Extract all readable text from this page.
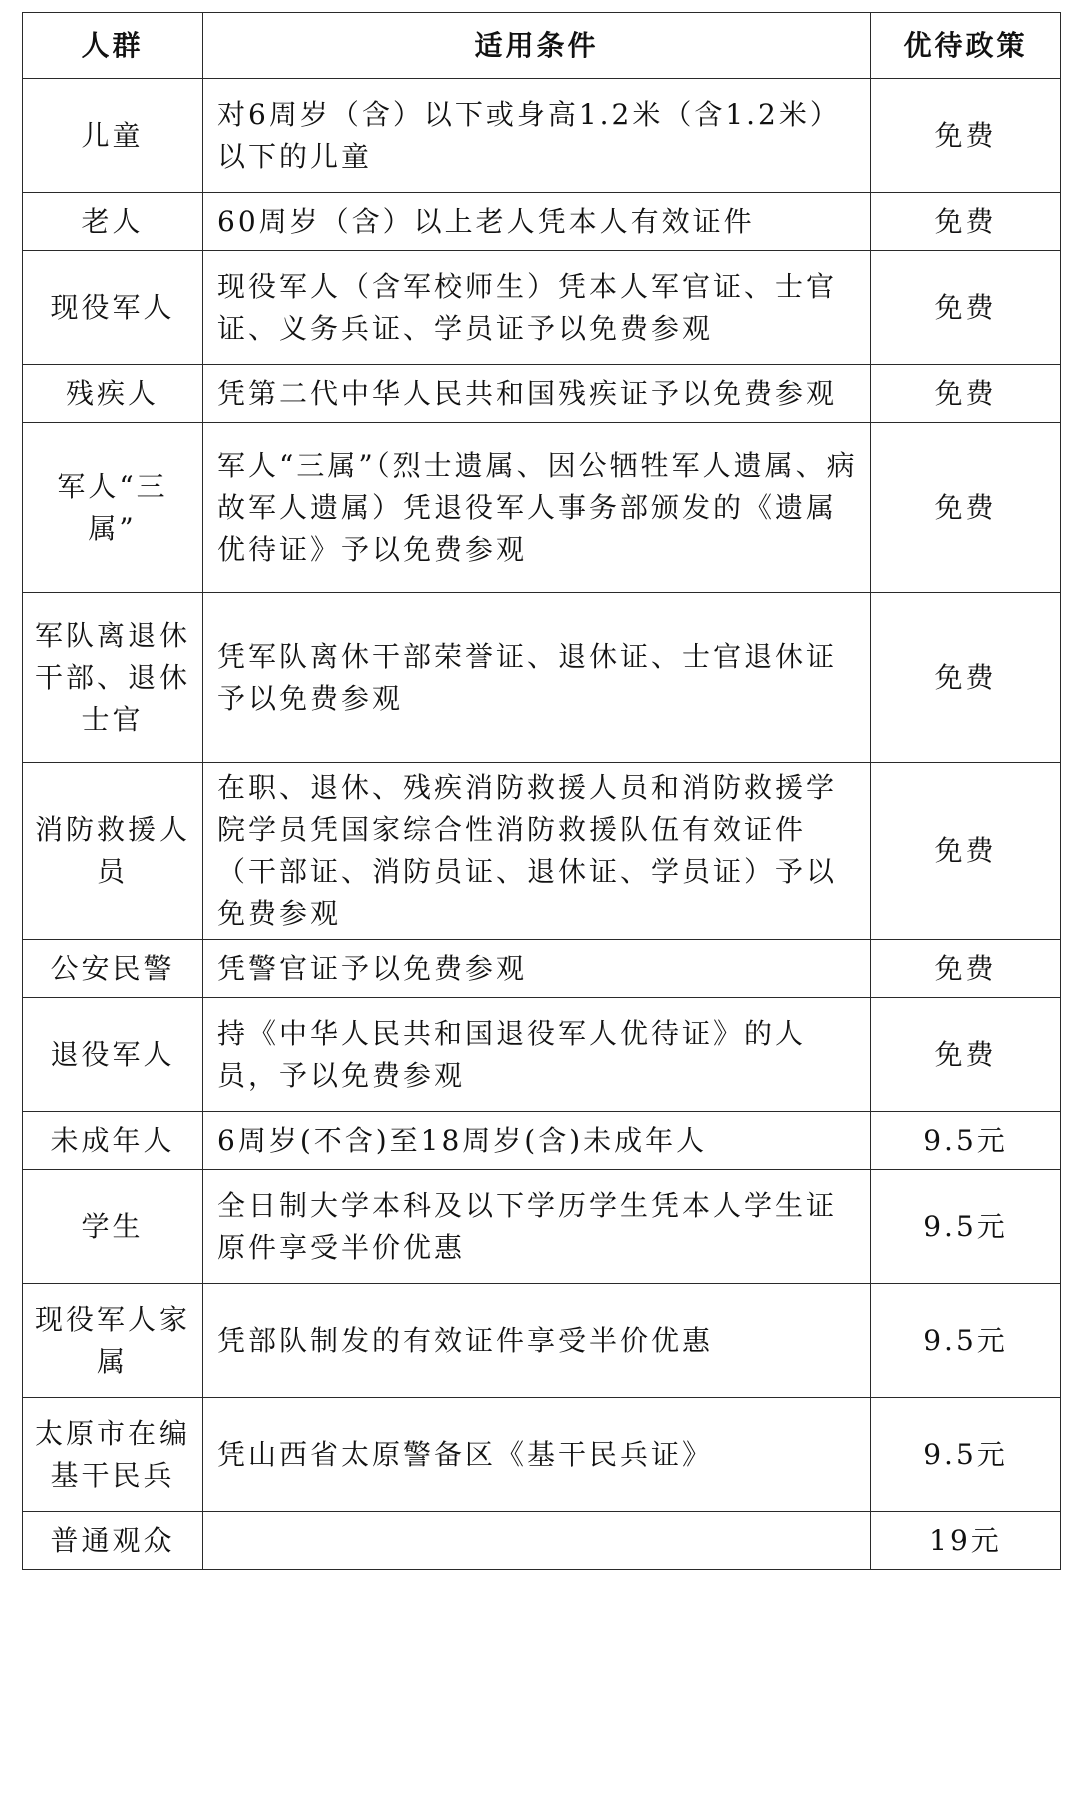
人群	适用条件	优待政策
儿童	对6周岁（含）以下或身高1.2米（含1.2米）以下的儿童	免费
老人	60周岁（含）以上老人凭本人有效证件	免费
现役军人	现役军人（含军校师生）凭本人军官证、士官证、义务兵证、学员证予以免费参观	免费
残疾人	凭第二代中华人民共和国残疾证予以免费参观	免费
军人“三属”	军人“三属”（烈士遗属、因公牺牲军人遗属、病故军人遗属）凭退役军人事务部颁发的《遗属优待证》予以免费参观	免费
军队离退休干部、退休士官	凭军队离休干部荣誉证、退休证、士官退休证予以免费参观	免费
消防救援人员	在职、退休、残疾消防救援人员和消防救援学院学员凭国家综合性消防救援队伍有效证件（干部证、消防员证、退休证、学员证）予以免费参观	免费
公安民警	凭警官证予以免费参观	免费
退役军人	持《中华人民共和国退役军人优待证》的人员，予以免费参观	免费
未成年人	6周岁(不含)至18周岁(含)未成年人	9.5元
学生	全日制大学本科及以下学历学生凭本人学生证原件享受半价优惠	9.5元
现役军人家属	凭部队制发的有效证件享受半价优惠	9.5元
太原市在编基干民兵	凭山西省太原警备区《基干民兵证》	9.5元
普通观众		19元
